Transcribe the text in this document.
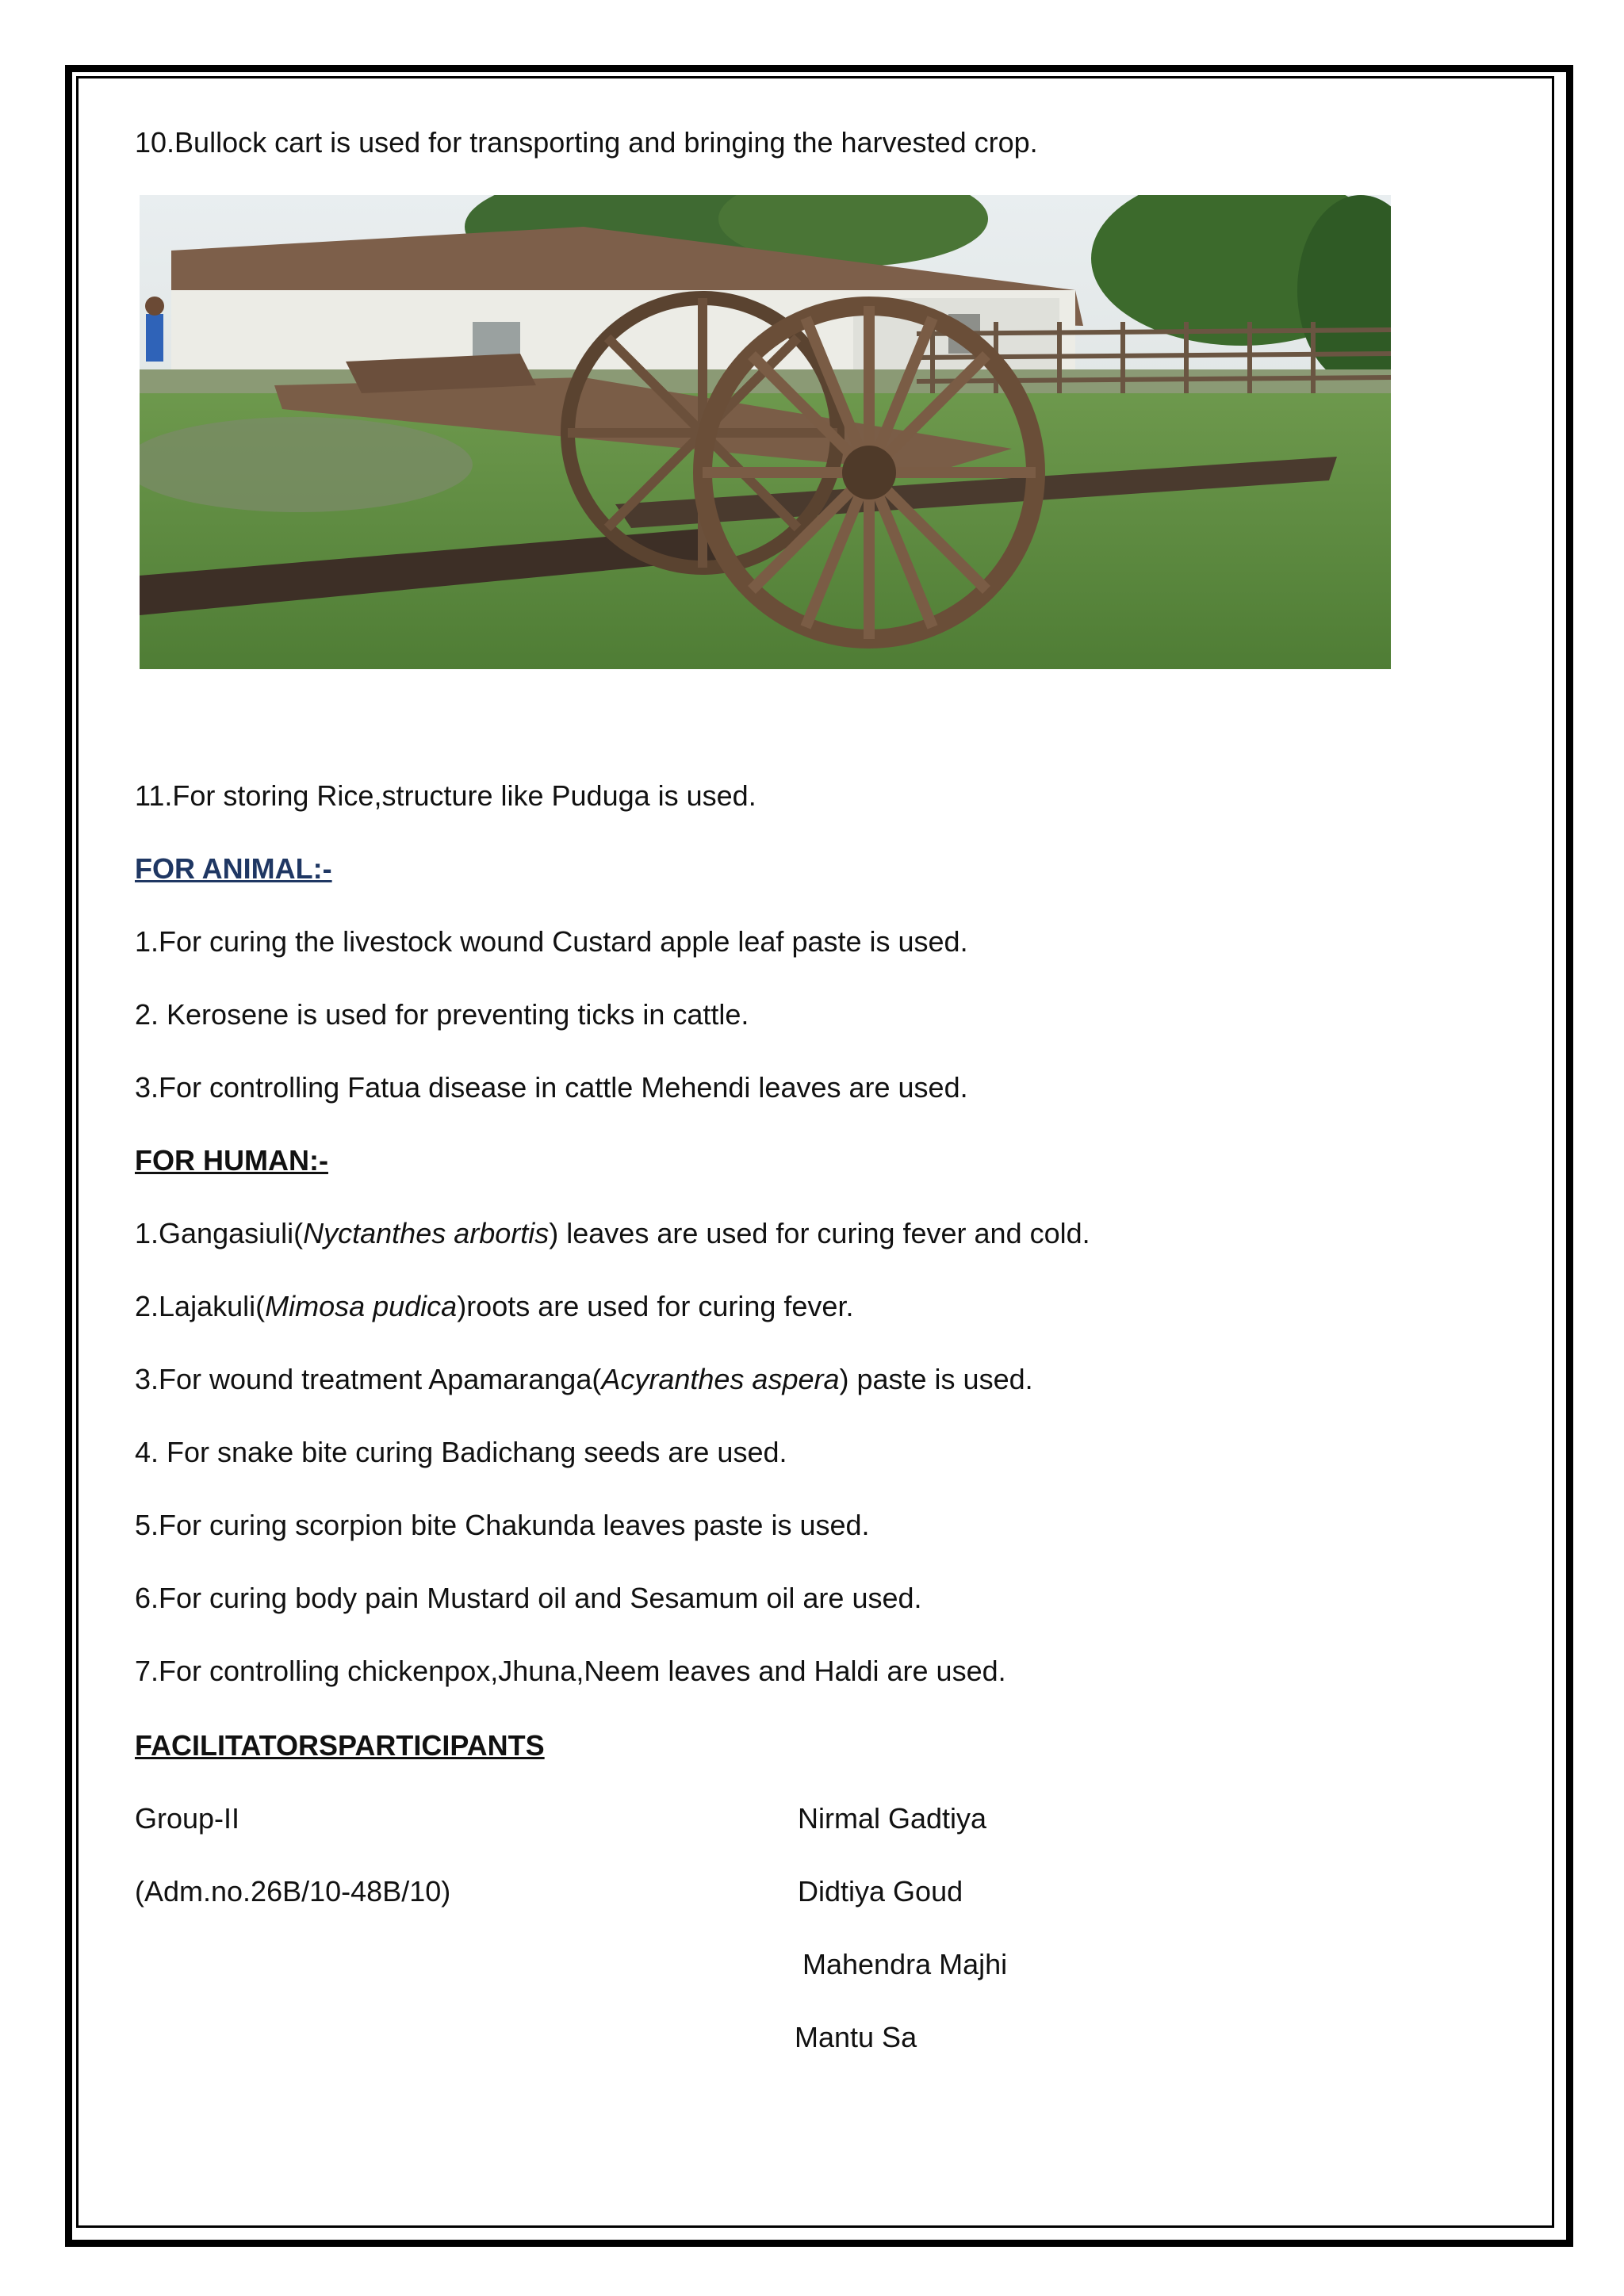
10.Bullock cart is used for transporting and bringing the harvested crop.
11.For storing Rice,structure like Puduga is used.
FOR ANIMAL:-
1.For curing the livestock wound Custard apple leaf paste is used.
2. Kerosene is used for preventing ticks in cattle.
3.For controlling Fatua disease in cattle Mehendi leaves are used.
FOR HUMAN:-
1.Gangasiuli(Nyctanthes arbortis) leaves are used for curing fever and cold.
2.Lajakuli(Mimosa pudica)roots are used for curing fever.
3.For wound treatment Apamaranga(Acyranthes aspera) paste is used.
4. For snake bite curing Badichang seeds are used.
5.For curing scorpion bite Chakunda leaves paste is used.
6.For curing body pain Mustard oil and Sesamum oil are used.
7.For controlling chickenpox,Jhuna,Neem leaves and Haldi are used.
FACILITATORSPARTICIPANTS
Group-II
(Adm.no.26B/10-48B/10)
Nirmal Gadtiya
Didtiya Goud
Mahendra Majhi
Mantu Sa
